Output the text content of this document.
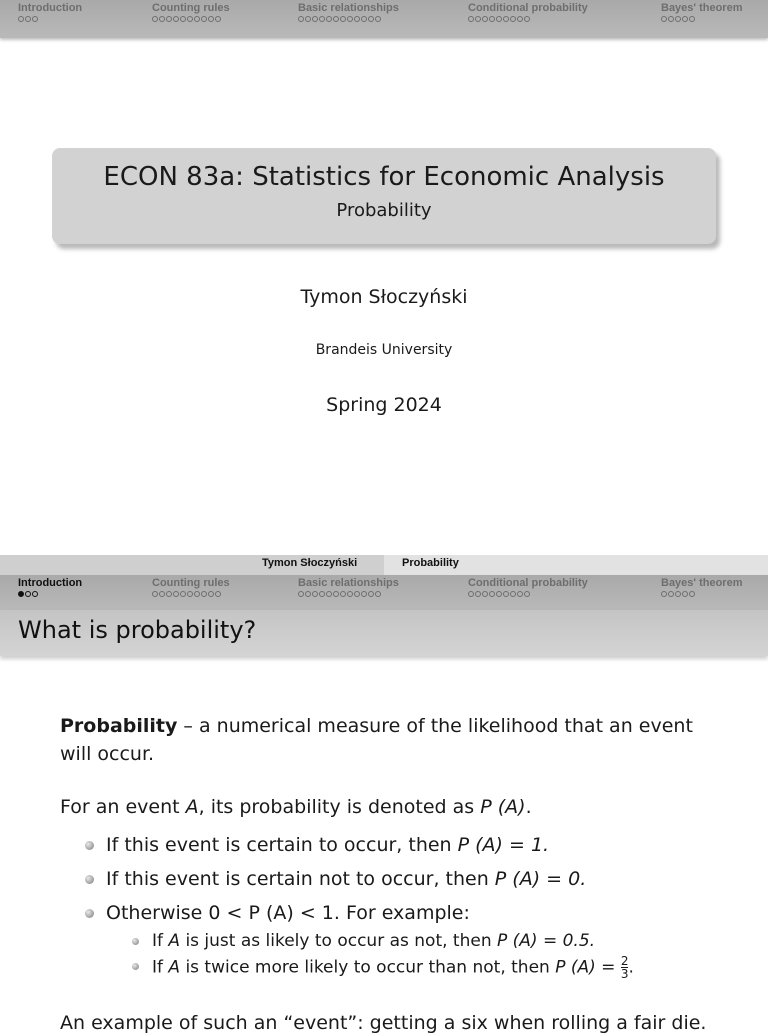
Introduction	Counting rules	Basic relationships	Conditional probability	Bayes' theorem
ECON 83a: Statistics for Economic Analysis
Probability
Tymon Słoczyński
Brandeis University
Spring 2024
Tymon Słoczyński	Probability
Introduction	Counting rules	Basic relationships	Conditional probability	Bayes' theorem
What is probability?

Probability – a numerical measure of the likelihood that an event will occur.

For an event A, its probability is denoted as P (A).
If this event is certain to occur, then P (A) = 1.
If this event is certain not to occur, then P (A) = 0.
Otherwise 0 < P (A) < 1. For example:
If A is just as likely to occur as not, then P (A) = 0.5.
If A is twice more likely to occur than not, then P $(A) = \frac{2}{3}$ .
An example of such an “event”: getting a six when rolling a fair die.
